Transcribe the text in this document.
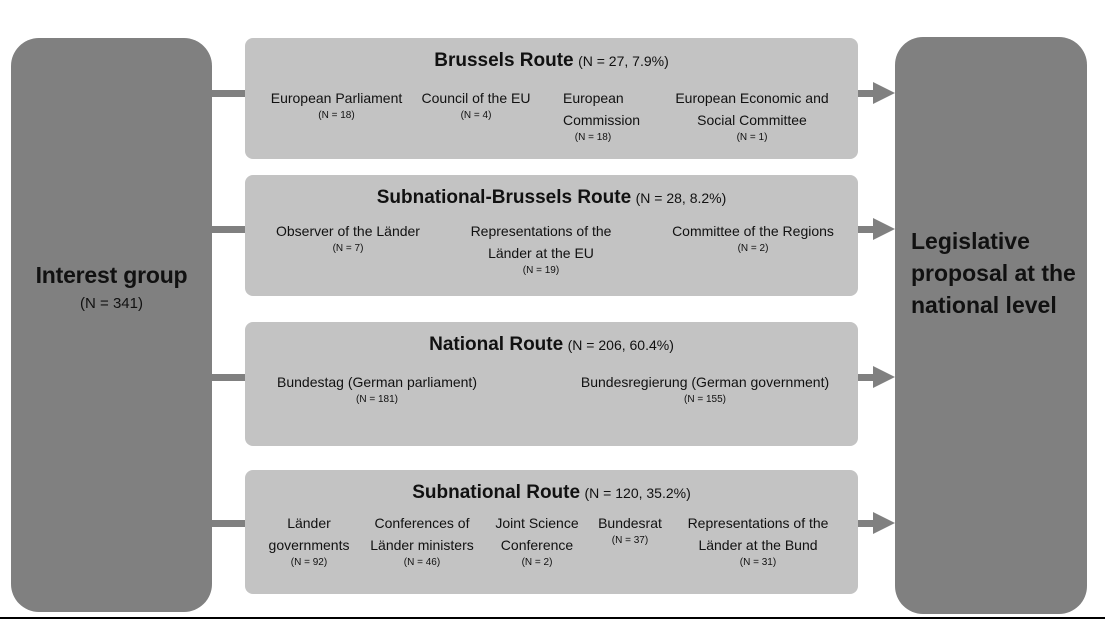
Interest group
(N = 341)
Legislative proposal at the national level
Brussels Route (N = 27, 7.9%)
European Parliament
(N = 18)
Council of the EU
(N = 4)
European Commission
(N = 18)
European Economic and Social Committee
(N = 1)
Subnational-Brussels Route (N = 28, 8.2%)
Observer of the Länder
(N = 7)
Representations of the Länder at the EU
(N = 19)
Committee of the Regions
(N = 2)
National Route (N = 206, 60.4%)
Bundestag (German parliament)
(N = 181)
Bundesregierung (German government)
(N = 155)
Subnational Route (N = 120, 35.2%)
Länder governments
(N = 92)
Conferences of Länder ministers
(N = 46)
Joint Science Conference
(N = 2)
Bundesrat
(N = 37)
Representations of the Länder at the Bund
(N = 31)
